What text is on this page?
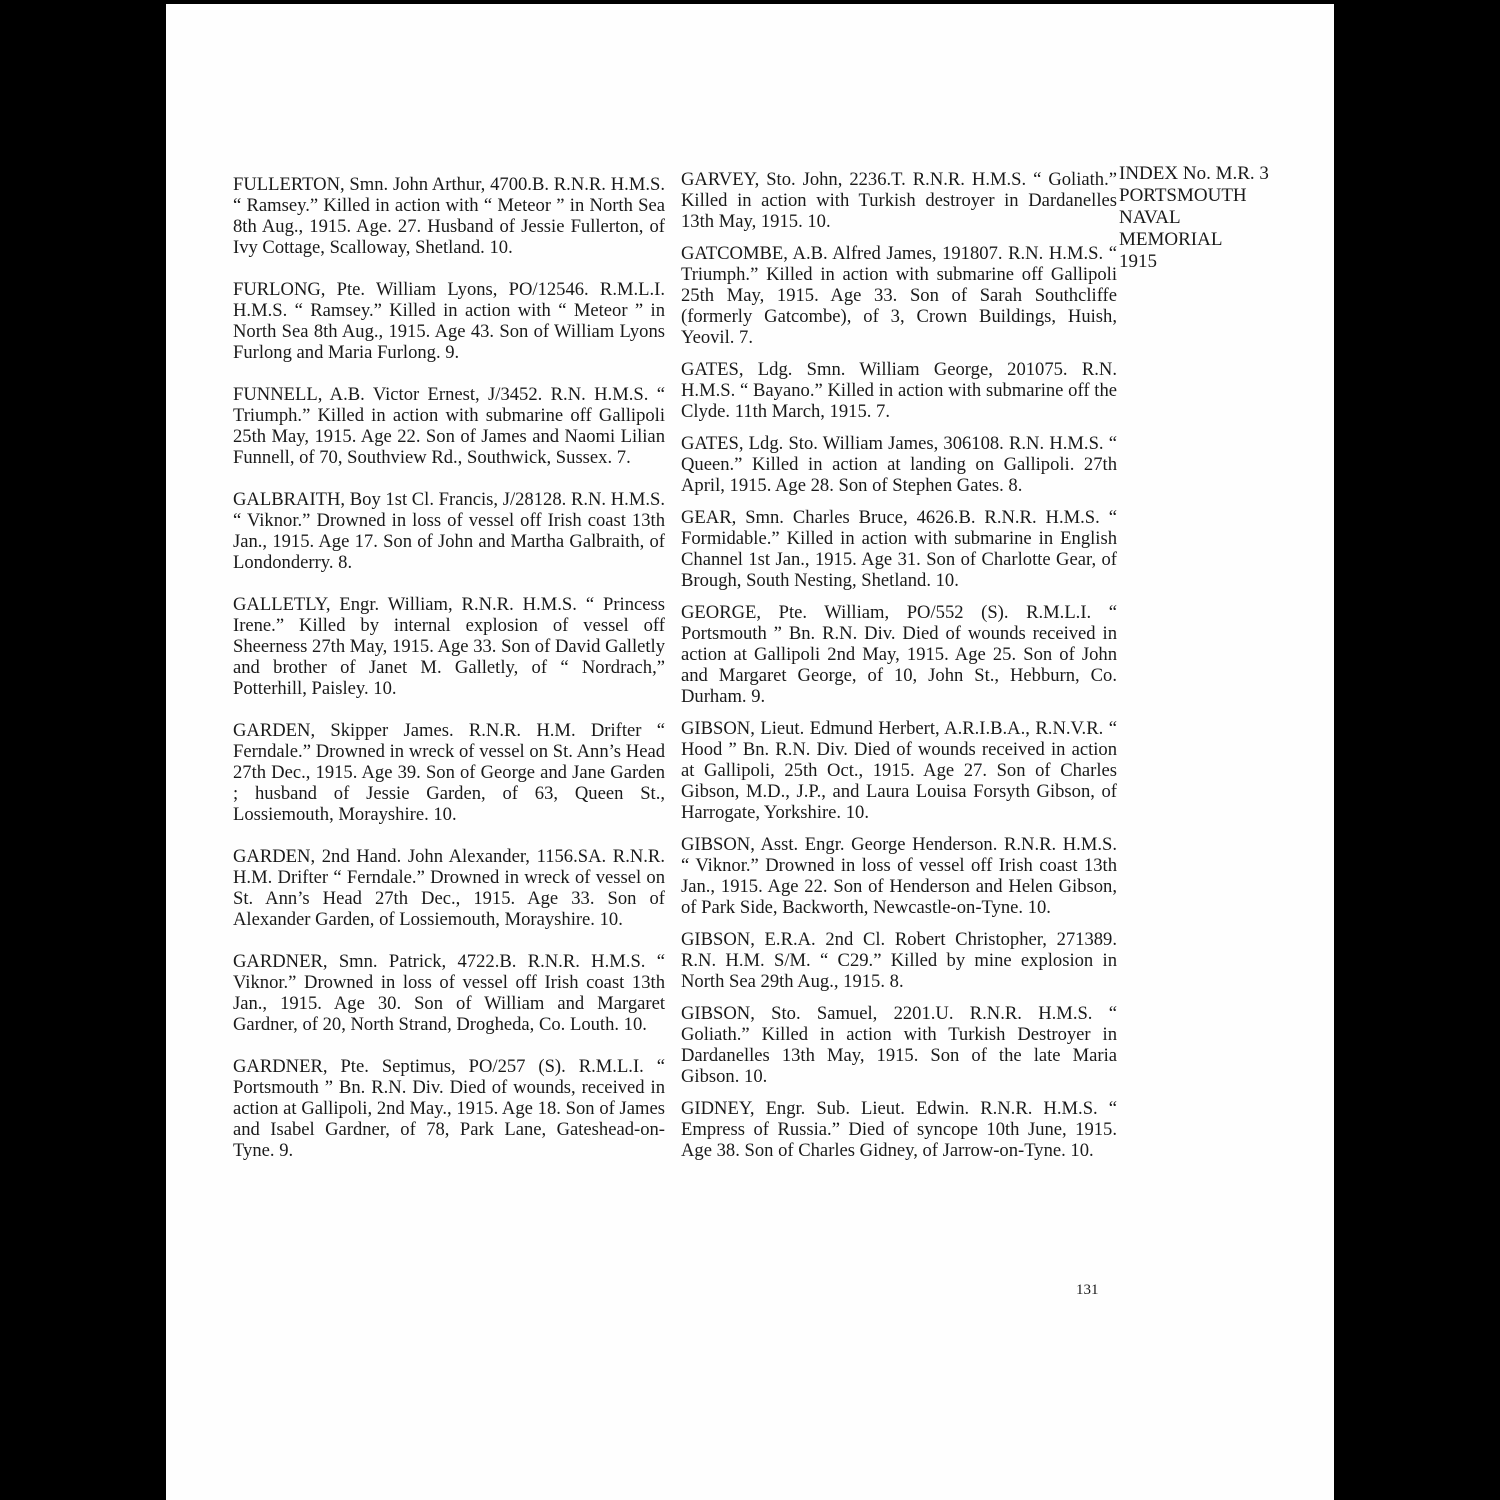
FULLERTON, Smn. John Arthur, 4700.B. R.N.R. H.M.S. “ Ramsey.” Killed in action with “ Meteor ” in North Sea 8th Aug., 1915. Age. 27. Husband of Jessie Fullerton, of Ivy Cottage, Scalloway, Shetland. 10.

FURLONG, Pte. William Lyons, PO/12546. R.M.L.I. H.M.S. “ Ramsey.” Killed in action with “ Meteor ” in North Sea 8th Aug., 1915. Age 43. Son of William Lyons Furlong and Maria Furlong. 9.

FUNNELL, A.B. Victor Ernest, J/3452. R.N. H.M.S. “ Triumph.” Killed in action with submarine off Gallipoli 25th May, 1915. Age 22. Son of James and Naomi Lilian Funnell, of 70, Southview Rd., Southwick, Sussex. 7.

GALBRAITH, Boy 1st Cl. Francis, J/28128. R.N. H.M.S. “ Viknor.” Drowned in loss of vessel off Irish coast 13th Jan., 1915. Age 17. Son of John and Martha Galbraith, of Londonderry. 8.

GALLETLY, Engr. William, R.N.R. H.M.S. “ Princess Irene.” Killed by internal explosion of vessel off Sheerness 27th May, 1915. Age 33. Son of David Galletly and brother of Janet M. Galletly, of “ Nordrach,” Potterhill, Paisley. 10.

GARDEN, Skipper James. R.N.R. H.M. Drifter “ Ferndale.” Drowned in wreck of vessel on St. Ann’s Head 27th Dec., 1915. Age 39. Son of George and Jane Garden ; husband of Jessie Garden, of 63, Queen St., Lossiemouth, Morayshire. 10.

GARDEN, 2nd Hand. John Alexander, 1156.SA. R.N.R. H.M. Drifter “ Ferndale.” Drowned in wreck of vessel on St. Ann’s Head 27th Dec., 1915. Age 33. Son of Alexander Garden, of Lossiemouth, Morayshire. 10.

GARDNER, Smn. Patrick, 4722.B. R.N.R. H.M.S. “ Viknor.” Drowned in loss of vessel off Irish coast 13th Jan., 1915. Age 30. Son of William and Margaret Gardner, of 20, North Strand, Drogheda, Co. Louth. 10.

GARDNER, Pte. Septimus, PO/257 (S). R.M.L.I. “ Portsmouth ” Bn. R.N. Div. Died of wounds, received in action at Gallipoli, 2nd May., 1915. Age 18. Son of James and Isabel Gardner, of 78, Park Lane, Gateshead-on-Tyne. 9.

GARVEY, Sto. John, 2236.T. R.N.R. H.M.S. “ Goliath.” Killed in action with Turkish destroyer in Dardanelles 13th May, 1915. 10.

GATCOMBE, A.B. Alfred James, 191807. R.N. H.M.S. “ Triumph.” Killed in action with submarine off Gallipoli 25th May, 1915. Age 33. Son of Sarah Southcliffe (formerly Gatcombe), of 3, Crown Buildings, Huish, Yeovil. 7.

GATES, Ldg. Smn. William George, 201075. R.N. H.M.S. “ Bayano.” Killed in action with submarine off the Clyde. 11th March, 1915. 7.

GATES, Ldg. Sto. William James, 306108. R.N. H.M.S. “ Queen.” Killed in action at landing on Gallipoli. 27th April, 1915. Age 28. Son of Stephen Gates. 8.

GEAR, Smn. Charles Bruce, 4626.B. R.N.R. H.M.S. “ Formidable.” Killed in action with submarine in English Channel 1st Jan., 1915. Age 31. Son of Charlotte Gear, of Brough, South Nesting, Shetland. 10.

GEORGE, Pte. William, PO/552 (S). R.M.L.I. “ Portsmouth ” Bn. R.N. Div. Died of wounds received in action at Gallipoli 2nd May, 1915. Age 25. Son of John and Margaret George, of 10, John St., Hebburn, Co. Durham. 9.

GIBSON, Lieut. Edmund Herbert, A.R.I.B.A., R.N.V.R. “ Hood ” Bn. R.N. Div. Died of wounds received in action at Gallipoli, 25th Oct., 1915. Age 27. Son of Charles Gibson, M.D., J.P., and Laura Louisa Forsyth Gibson, of Harrogate, Yorkshire. 10.

GIBSON, Asst. Engr. George Henderson. R.N.R. H.M.S. “ Viknor.” Drowned in loss of vessel off Irish coast 13th Jan., 1915. Age 22. Son of Henderson and Helen Gibson, of Park Side, Backworth, Newcastle-on-Tyne. 10.

GIBSON, E.R.A. 2nd Cl. Robert Christopher, 271389. R.N. H.M. S/M. “ C29.” Killed by mine explosion in North Sea 29th Aug., 1915. 8.

GIBSON, Sto. Samuel, 2201.U. R.N.R. H.M.S. “ Goliath.” Killed in action with Turkish Destroyer in Dardanelles 13th May, 1915. Son of the late Maria Gibson. 10.

GIDNEY, Engr. Sub. Lieut. Edwin. R.N.R. H.M.S. “ Empress of Russia.” Died of syncope 10th June, 1915. Age 38. Son of Charles Gidney, of Jarrow-on-Tyne. 10.

INDEX No. M.R. 3
PORTSMOUTH
NAVAL
MEMORIAL
1915
131
